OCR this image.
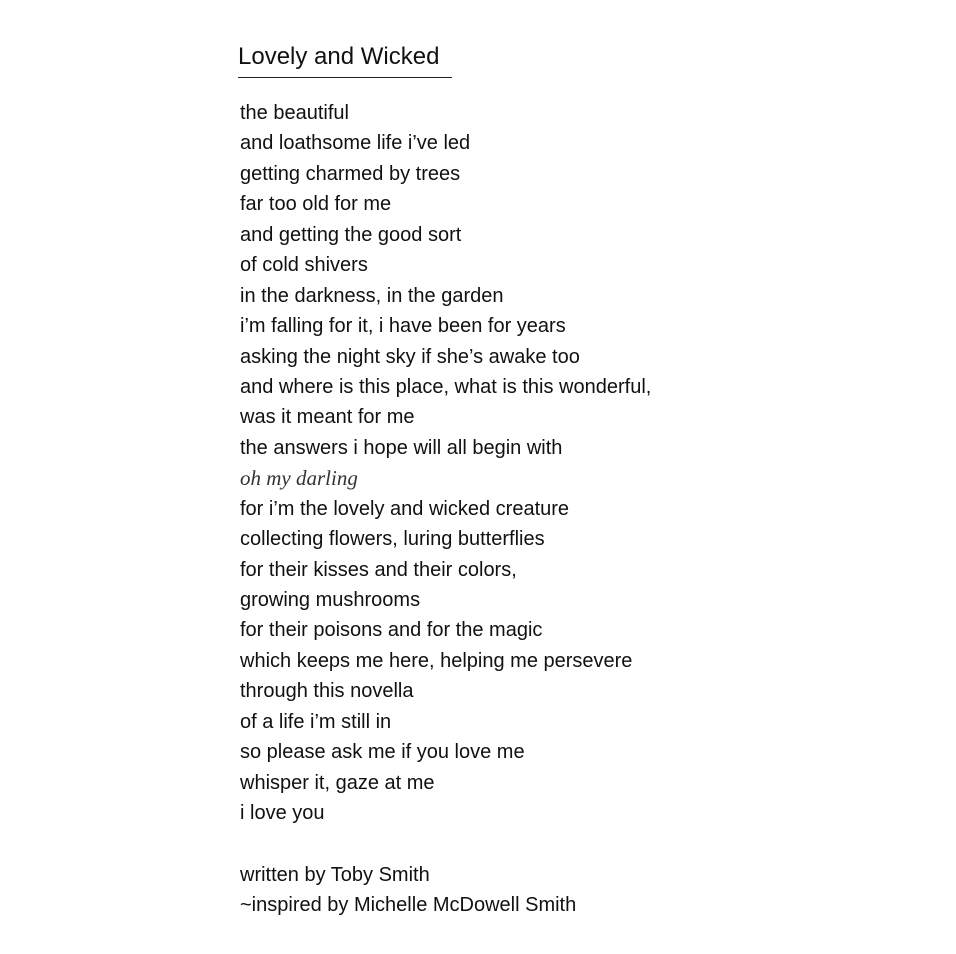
Lovely and Wicked
the beautiful
and loathsome life i’ve led
getting charmed by trees
far too old for me
and getting the good sort
of cold shivers
in the darkness, in the garden
i’m falling for it, i have been for years
asking the night sky if she’s awake too
and where is this place, what is this wonderful,
was it meant for me
the answers i hope will all begin with
oh my darling
for i’m the lovely and wicked creature
collecting flowers, luring butterflies
for their kisses and their colors,
growing mushrooms
for their poisons and for the magic
which keeps me here, helping me persevere
through this novella
of a life i’m still in
so please ask me if you love me
whisper it, gaze at me
i love you
written by Toby Smith
~inspired by Michelle McDowell Smith
